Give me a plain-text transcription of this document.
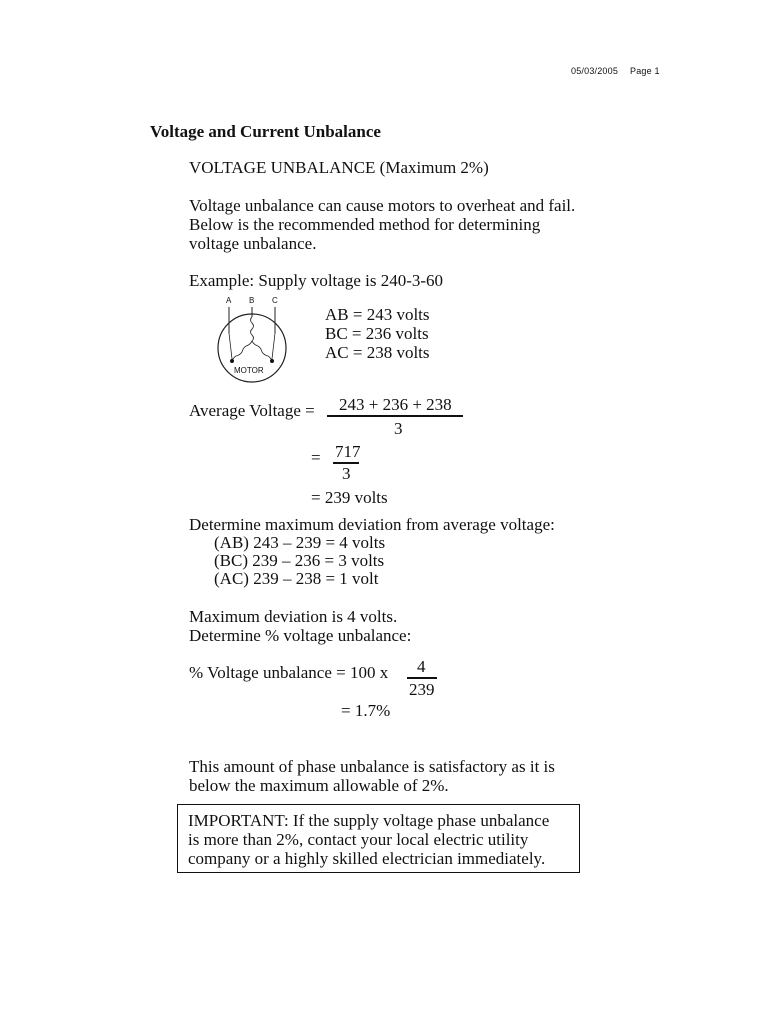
05/03/2005 Page 1
Voltage and Current Unbalance
VOLTAGE UNBALANCE (Maximum 2%)
Voltage unbalance can cause motors to overheat and fail.
Below is the recommended method for determining
voltage unbalance.
Example: Supply voltage is 240-3-60
A B C
MOTOR
AB = 243 volts
BC = 236 volts
AC = 238 volts
Average Voltage = 243 + 236 + 238
3
= 717
3
= 239 volts
Determine maximum deviation from average voltage:
(AB) 243 – 239 = 4 volts
(BC) 239 – 236 = 3 volts
(AC) 239 – 238 = 1 volt
Maximum deviation is 4 volts.
Determine % voltage unbalance:
% Voltage unbalance = 100 x 4
239
= 1.7%
This amount of phase unbalance is satisfactory as it is
below the maximum allowable of 2%.
IMPORTANT: If the supply voltage phase unbalance
is more than 2%, contact your local electric utility
company or a highly skilled electrician immediately.
